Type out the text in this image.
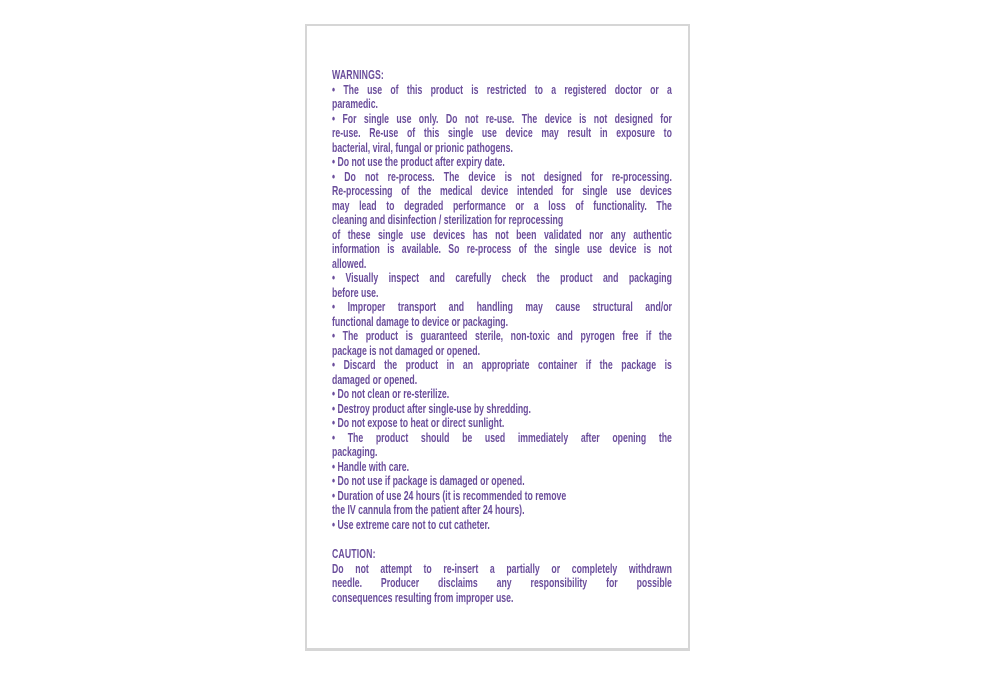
WARNINGS:
• The use of this product is restricted to a registered doctor or a
paramedic.
• For single use only. Do not re-use. The device is not designed for
re-use. Re-use of this single use device may result in exposure to
bacterial, viral, fungal or prionic pathogens.
• Do not use the product after expiry date.
• Do not re-process. The device is not designed for re-processing.
Re-processing of the medical device intended for single use devices
may lead to degraded performance or a loss of functionality. The
cleaning and disinfection / sterilization for reprocessing
of these single use devices has not been validated nor any authentic
information is available. So re-process of the single use device is not
allowed.
• Visually inspect and carefully check the product and packaging
before use.
• Improper transport and handling may cause structural and/or
functional damage to device or packaging.
• The product is guaranteed sterile, non-toxic and pyrogen free if the
package is not damaged or opened.
• Discard the product in an appropriate container if the package is
damaged or opened.
• Do not clean or re-sterilize.
• Destroy product after single-use by shredding.
• Do not expose to heat or direct sunlight.
• The product should be used immediately after opening the
packaging.
• Handle with care.
• Do not use if package is damaged or opened.
• Duration of use 24 hours (it is recommended to remove
the IV cannula from the patient after 24 hours).
• Use extreme care not to cut catheter.
CAUTION:
Do not attempt to re-insert a partially or completely withdrawn
needle. Producer disclaims any responsibility for possible
consequences resulting from improper use.
